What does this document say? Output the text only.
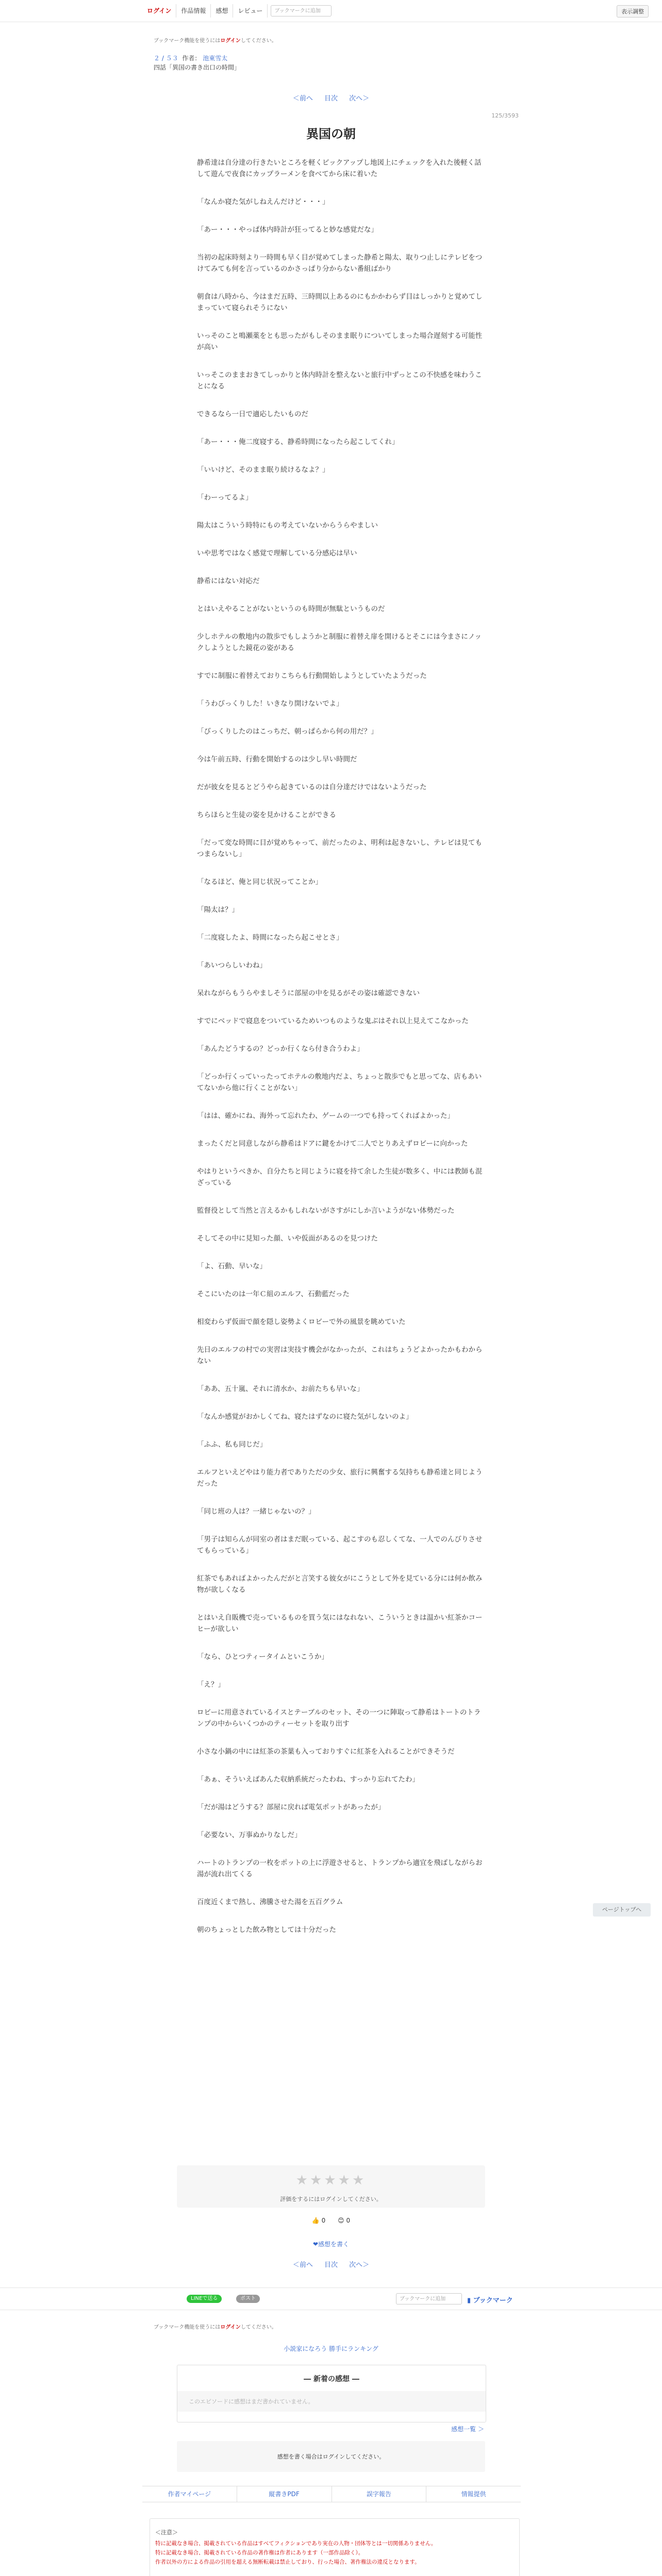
ログイン	作品情報	感想	レビュー	ブックマークに追加	表示調整
ブックマーク機能を使うにはログインしてください。
２ / ５３ 作者： 池東雪太
四話「異国の書き出口の時間」
＜前へ 目次 次へ＞
125/3593
異国の朝

静希達は自分達の行きたいところを軽くピックアップし地図上にチェックを入れた後軽く話して遊んで夜食にカップラーメンを食べてから床に着いた

「なんか寝た気がしねえんだけど・・・」

「あー・・・やっぱ体内時計が狂ってると妙な感覚だな」

当初の起床時刻より一時間も早く目が覚めてしまった静希と陽太、取りつ止しにテレビをつけてみても何を言っているのかさっぱり分からない番組ばかり

朝食は八時から、今はまだ五時、三時間以上あるのにもかかわらず目はしっかりと覚めてしまっていて寝られそうにない

いっそのこと鳴瀬薬をとも思ったがもしそのまま眠りについてしまった場合遅刻する可能性が高い

いっそこのままおきてしっかりと体内時計を整えないと旅行中ずっとこの不快感を味わうことになる

できるなら一日で適応したいものだ

「あー・・・俺二度寝する、静希時間になったら起こしてくれ」

「いいけど、そのまま眠り続けるなよ？」

「わーってるよ」

陽太はこういう時特にもの考えていないからうらやましい

いや思考ではなく感覚で理解している分感応は早い

静希にはない対応だ

とはいえやることがないというのも時間が無駄というものだ

少しホテルの敷地内の散歩でもしようかと制服に着替え扉を開けるとそこには今まさにノックしようとした鏡花の姿がある

すでに制服に着替えておりこちらも行動開始しようとしていたようだった

「うわびっくりした！いきなり開けないでよ」

「びっくりしたのはこっちだ、朝っぱらから何の用だ？」

今は午前五時、行動を開始するのは少し早い時間だ

だが彼女を見るとどうやら起きているのは自分達だけではないようだった

ちらほらと生徒の姿を見かけることができる

「だって変な時間に目が覚めちゃって、前だったのよ、明利は起きないし、テレビは見てもつまらないし」

「なるほど、俺と同じ状況ってことか」

「陽太は？」

「二度寝したよ、時間になったら起こせとさ」

「あいつらしいわね」

呆れながらもうらやましそうに部屋の中を見るがその姿は確認できない

すでにベッドで寝息をついているためいつものような鬼ぶはそれ以上見えてこなかった

「あんたどうするの？どっか行くなら付き合うわよ」

「どっか行くっていったってホテルの敷地内だよ、ちょっと散歩でもと思ってな、店もあいてないから他に行くことがない」

「はは、確かにね、海外って忘れたわ、ゲームの一つでも持ってくればよかった」

まったくだと同意しながら静希はドアに鍵をかけて二人でとりあえずロビーに向かった

やはりというべきか、自分たちと同じように寝を持て余した生徒が数多く、中には教師も混ざっている

監督役として当然と言えるかもしれないがさすがにしか言いようがない体勢だった

そしてその中に見知った顔、いや仮面があるのを見つけた

「よ、石動、早いな」

そこにいたのは一年Ｃ組のエルフ、石動藍だった

相変わらず仮面で顔を隠し姿勢よくロビーで外の風景を眺めていた

先日のエルフの村での実習は実技す機会がなかったが、これはちょうどよかったかもわからない

「ああ、五十嵐、それに清水か、お前たちも早いな」

「なんか感覚がおかしくてね、寝たはずなのに寝た気がしないのよ」

「ふふ、私も同じだ」

エルフといえどやはり能力者でありただの少女、旅行に興奮する気持ちも静希達と同じようだった

「同じ班の人は？一緒じゃないの？」

「男子は知らんが同室の者はまだ眠っている、起こすのも忍しくてな、一人でのんびりさせてもらっている」

紅茶でもあればよかったんだがと言笑する彼女がにこうとして外を見ている分には何か飲み物が欲しくなる

とはいえ自販機で売っているものを買う気にはなれない、こういうときは温かい紅茶かコーヒーが欲しい

「なら、ひとつティータイムといこうか」

「え？」

ロビーに用意されているイスとテーブルのセット、その一つに陣取って静希はトートのトランプの中からいくつかのティーセットを取り出す

小さな小鍋の中には紅茶の茶葉も入っておりすぐに紅茶を入れることができそうだ

「あぁ、そういえばあんた収納系統だったわね、すっかり忘れてたわ」

「だが湯はどうする？部屋に戻れば電気ポットがあったが」

「必要ない、万事ぬかりなしだ」

ハートのトランプの一枚をポットの上に浮遊させると、トランプから適宜を飛ばしながらお湯が流れ出てくる

百度近くまで熱し、沸騰させた湯を五百グラム

朝のちょっとした飲み物としては十分だった

ページトップへ
★★★★★
評価をするにはログインしてください。
👍 0 😊 0
❤感想を書く
＜前へ 目次 次へ＞
LINEで送る	ポスト	ブックマークに追加	▮ ブックマーク
ブックマーク機能を使うにはログインしてください。
小説家になろう 勝手にランキング
― 新着の感想 ―
このエピソードに感想はまだ書かれていません。
感想一覧 ＞
感想を書く場合はログインしてください。
作者マイページ	縦書きPDF	誤字報告	情報提供
＜注意＞
特に記載なき場合、掲載されている作品はすべてフィクションであり実在の人物・団体等とは一切関係ありません。
特に記載なき場合、掲載されている作品の著作権は作者にあります（一部作品除く）。
作者以外の方による作品の引用を超える無断転載は禁止しており、行った場合、著作権法の違反となります。
